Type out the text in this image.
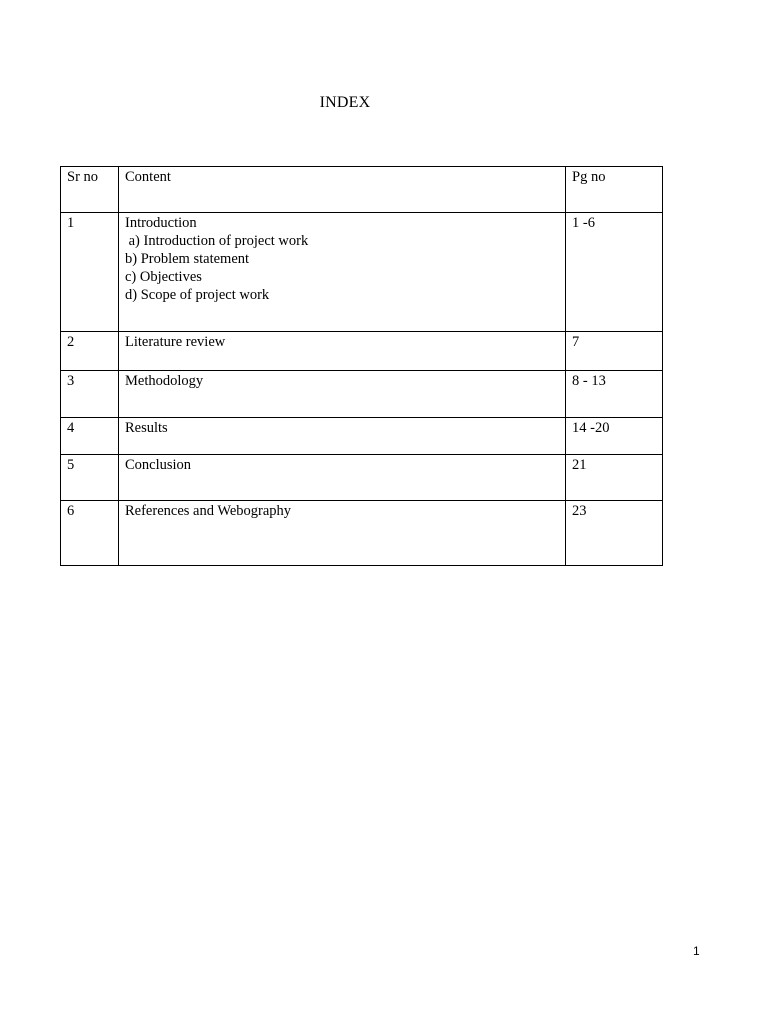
INDEX
Sr no	Content	Pg no
1	Introduction
a) Introduction of project work
b) Problem statement
c) Objectives
d) Scope of project work	1 -6
2	Literature review	7
3	Methodology	8 - 13
4	Results	14 -20
5	Conclusion	21
6	References and Webography	23
1
